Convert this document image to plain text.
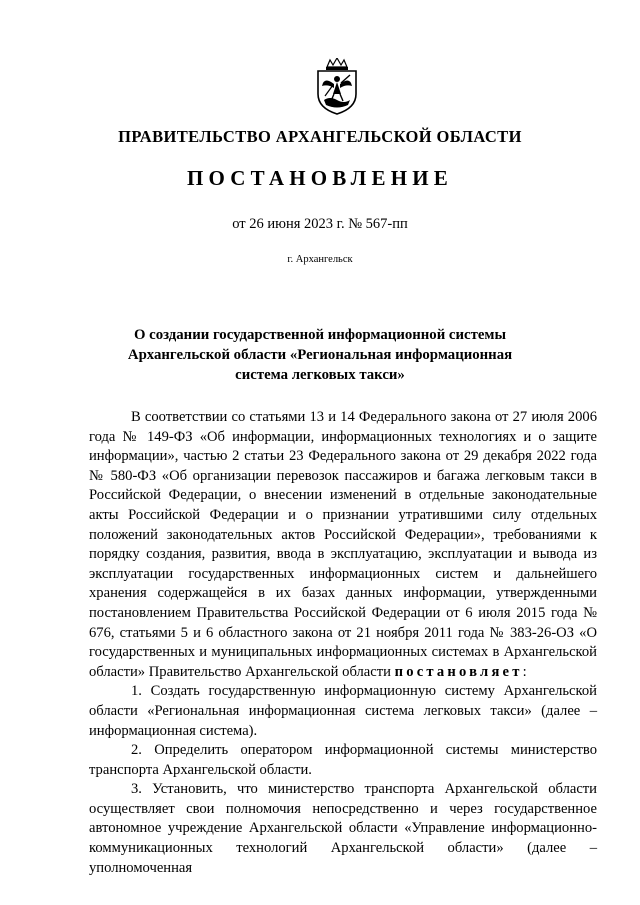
ПРАВИТЕЛЬСТВО АРХАНГЕЛЬСКОЙ ОБЛАСТИ
ПОСТАНОВЛЕНИЕ
от 26 июня 2023 г. № 567-пп
г. Архангельск
О создании государственной информационной системы
Архангельской области «Региональная информационная
система легковых такси»

В соответствии со статьями 13 и 14 Федерального закона от 27 июля 2006 года № 149-ФЗ «Об информации, информационных технологиях и о защите информации», частью 2 статьи 23 Федерального закона от 29 декабря 2022 года № 580-ФЗ «Об организации перевозок пассажиров и багажа легковым такси в Российской Федерации, о внесении изменений в отдельные законодательные акты Российской Федерации и о признании утратившими силу отдельных положений законодательных актов Российской Федерации», требованиями к порядку создания, развития, ввода в эксплуатацию, эксплуатации и вывода из эксплуатации государственных информационных систем и дальнейшего хранения содержащейся в их базах данных информации, утвержденными постановлением Правительства Российской Федерации от 6 июля 2015 года № 676, статьями 5 и 6 областного закона от 21 ноября 2011 года № 383-26-ОЗ «О государственных и муниципальных информационных системах в Архангельской области» Правительство Архангельской области постановляет:

1. Создать государственную информационную систему Архангельской области «Региональная информационная система легковых такси» (далее – информационная система).

2. Определить оператором информационной системы министерство транспорта Архангельской области.

3. Установить, что министерство транспорта Архангельской области осуществляет свои полномочия непосредственно и через государственное автономное учреждение Архангельской области «Управление информационно-коммуникационных технологий Архангельской области» (далее – уполномоченная
